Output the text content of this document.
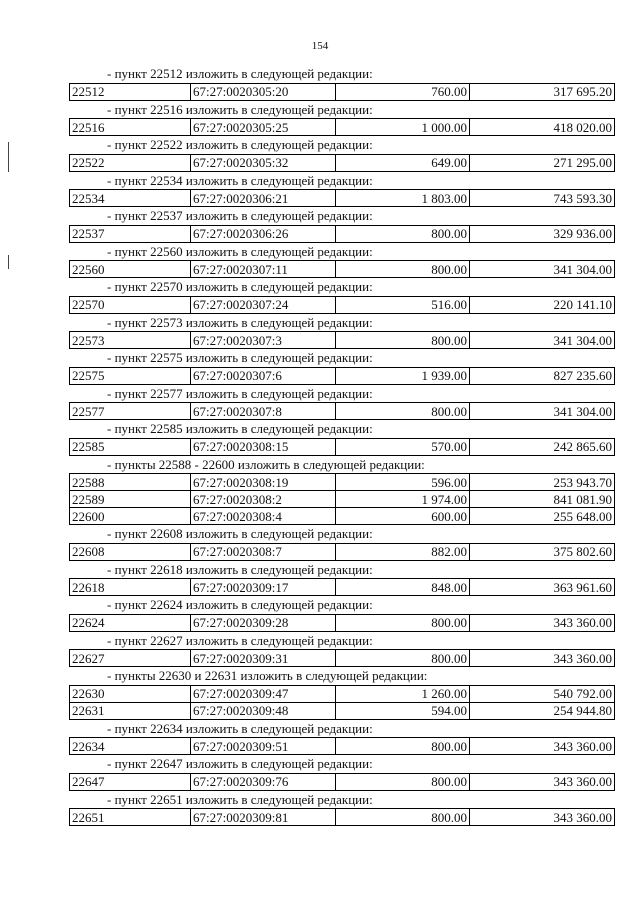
154
- пункт 22512 изложить в следующей редакции:
22512	67:27:0020305:20	760.00	317 695.20
- пункт 22516 изложить в следующей редакции:
22516	67:27:0020305:25	1 000.00	418 020.00
- пункт 22522 изложить в следующей редакции:
22522	67:27:0020305:32	649.00	271 295.00
- пункт 22534 изложить в следующей редакции:
22534	67:27:0020306:21	1 803.00	743 593.30
- пункт 22537 изложить в следующей редакции:
22537	67:27:0020306:26	800.00	329 936.00
- пункт 22560 изложить в следующей редакции:
22560	67:27:0020307:11	800.00	341 304.00
- пункт 22570 изложить в следующей редакции:
22570	67:27:0020307:24	516.00	220 141.10
- пункт 22573 изложить в следующей редакции:
22573	67:27:0020307:3	800.00	341 304.00
- пункт 22575 изложить в следующей редакции:
22575	67:27:0020307:6	1 939.00	827 235.60
- пункт 22577 изложить в следующей редакции:
22577	67:27:0020307:8	800.00	341 304.00
- пункт 22585 изложить в следующей редакции:
22585	67:27:0020308:15	570.00	242 865.60
- пункты 22588 - 22600 изложить в следующей редакции:
22588	67:27:0020308:19	596.00	253 943.70
22589	67:27:0020308:2	1 974.00	841 081.90
22600	67:27:0020308:4	600.00	255 648.00
- пункт 22608 изложить в следующей редакции:
22608	67:27:0020308:7	882.00	375 802.60
- пункт 22618 изложить в следующей редакции:
22618	67:27:0020309:17	848.00	363 961.60
- пункт 22624 изложить в следующей редакции:
22624	67:27:0020309:28	800.00	343 360.00
- пункт 22627 изложить в следующей редакции:
22627	67:27:0020309:31	800.00	343 360.00
- пункты 22630 и 22631 изложить в следующей редакции:
22630	67:27:0020309:47	1 260.00	540 792.00
22631	67:27:0020309:48	594.00	254 944.80
- пункт 22634 изложить в следующей редакции:
22634	67:27:0020309:51	800.00	343 360.00
- пункт 22647 изложить в следующей редакции:
22647	67:27:0020309:76	800.00	343 360.00
- пункт 22651 изложить в следующей редакции:
22651	67:27:0020309:81	800.00	343 360.00
